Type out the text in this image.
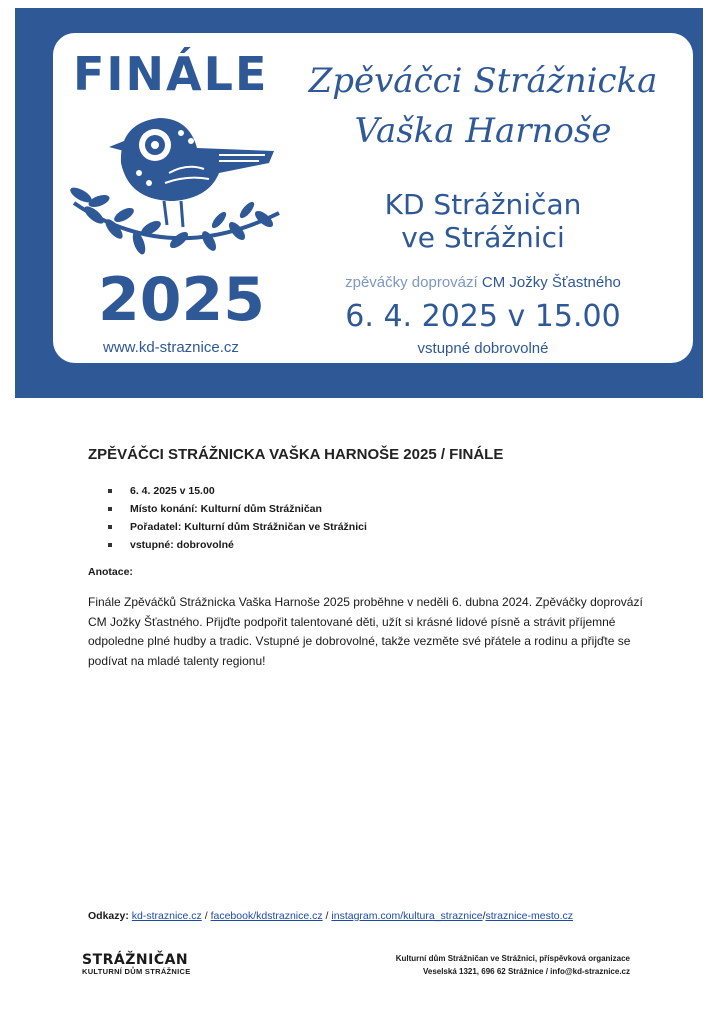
FINÁLE
2025
www.kd-straznice.cz
Zpěváčci Strážnicka
Vaška Harnoše
KD Strážničan
ve Strážnici
zpěváčky doprovází CM Jožky Šťastného
6. 4. 2025 v 15.00
vstupné dobrovolné
ZPĚVÁČCI STRÁŽNICKA VAŠKA HARNOŠE 2025 / FINÁLE
6. 4. 2025 v 15.00
Místo konání: Kulturní dům Strážničan
Pořadatel: Kulturní dům Strážničan ve Strážnici
vstupné: dobrovolné
Anotace:

Finále Zpěváčků Strážnicka Vaška Harnoše 2025 proběhne v neděli 6. dubna 2024. Zpěváčky doprovází CM Jožky Šťastného. Přijďte podpořit talentované děti, užít si krásné lidové písně a strávit příjemné odpoledne plné hudby a tradic. Vstupné je dobrovolné, takže vezměte své přátele a rodinu a přijďte se podívat na mladé talenty regionu!

Odkazy: kd-straznice.cz / facebook/kdstraznice.cz / instagram.com/kultura_straznice/straznice-mesto.cz
STRÁŽNIČAN
KULTURNÍ DŮM STRÁŽNICE
Kulturní dům Strážničan ve Strážnici, příspěvková organizace
Veselská 1321, 696 62 Strážnice / info@kd-straznice.cz
